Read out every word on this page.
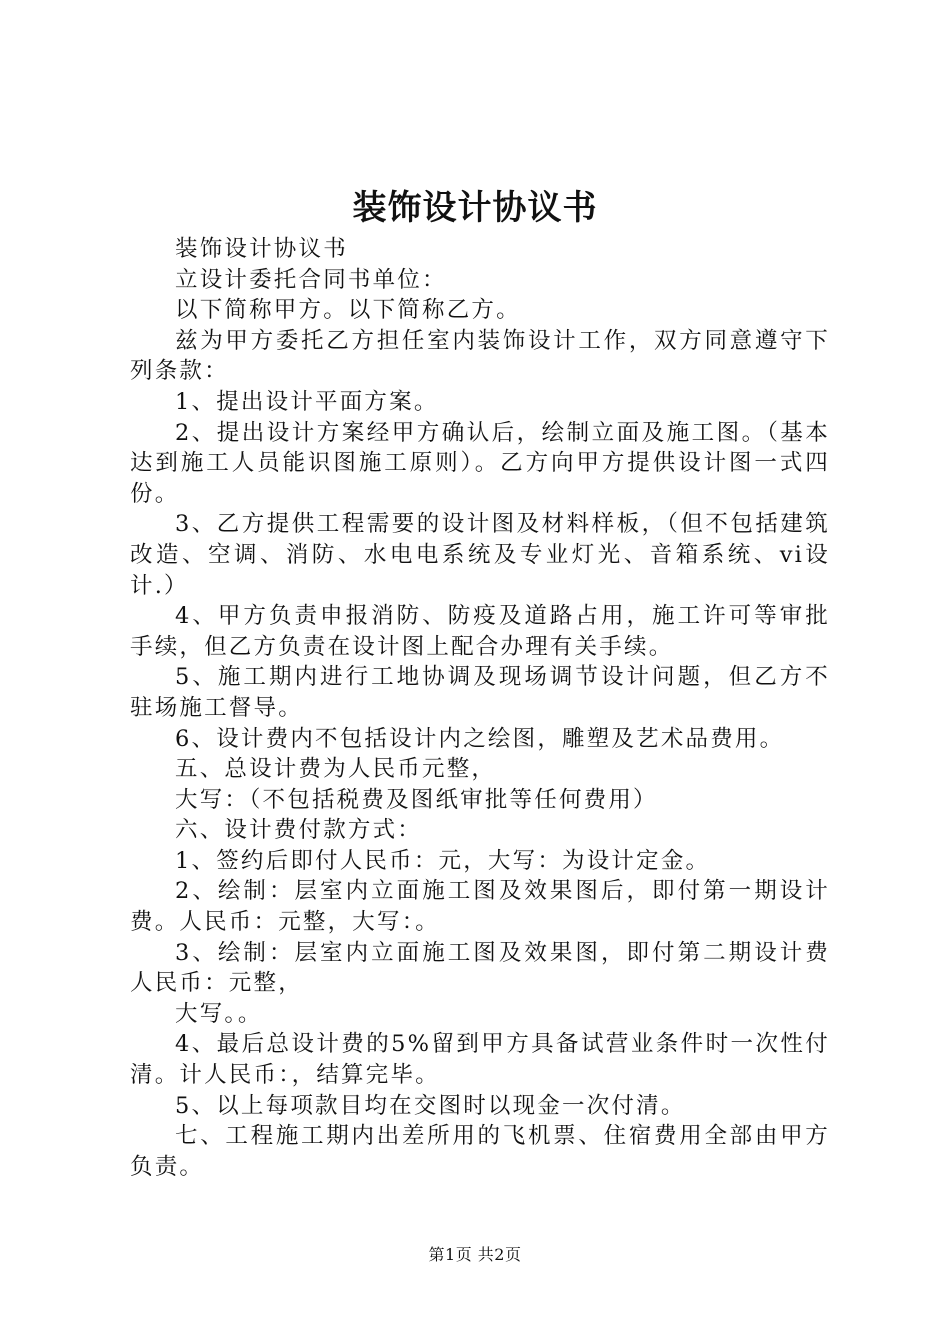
装饰设计协议书

装饰设计协议书

立设计委托合同书单位：

以下简称甲方。以下简称乙方。

兹为甲方委托乙方担任室内装饰设计工作，双方同意遵守下列条款：

1、提出设计平面方案。

2、提出设计方案经甲方确认后，绘制立面及施工图。（基本达到施工人员能识图施工原则）。乙方向甲方提供设计图一式四份。

3、乙方提供工程需要的设计图及材料样板，（但不包括建筑改造、空调、消防、水电电系统及专业灯光、音箱系统、vi设计.）

4、甲方负责申报消防、防疫及道路占用，施工许可等审批手续，但乙方负责在设计图上配合办理有关手续。

5、施工期内进行工地协调及现场调节设计问题，但乙方不驻场施工督导。

6、设计费内不包括设计内之绘图，雕塑及艺术品费用。

五、总设计费为人民币元整，

大写：（不包括税费及图纸审批等任何费用）

六、设计费付款方式：

1、签约后即付人民币：元，大写：为设计定金。

2、绘制：层室内立面施工图及效果图后，即付第一期设计费。人民币：元整，大写：。

3、绘制：层室内立面施工图及效果图，即付第二期设计费人民币：元整，

大写。。

4、最后总设计费的5%留到甲方具备试营业条件时一次性付清。计人民币：，结算完毕。

5、以上每项款目均在交图时以现金一次付清。

七、工程施工期内出差所用的飞机票、住宿费用全部由甲方负责。

第1页 共2页
